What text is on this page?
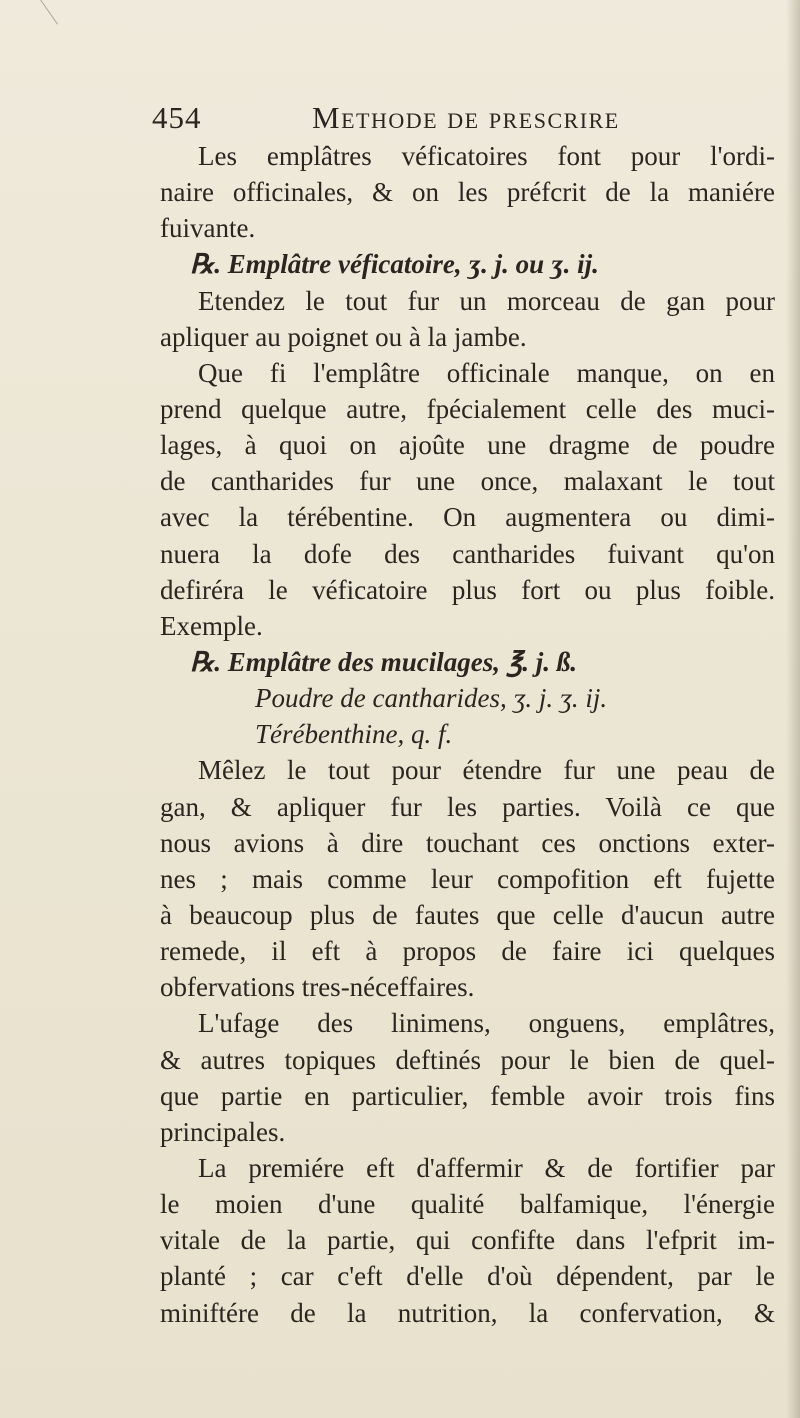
454	Methode de prescrire
Les emplâtres véficatoires font pour l'ordi-
naire officinales, & on les préfcrit de la maniére
fuivante.
℞. Emplâtre véficatoire, ʒ. j. ou ʒ. ij.
Etendez le tout fur un morceau de gan pour
apliquer au poignet ou à la jambe.
Que fi l'emplâtre officinale manque, on en
prend quelque autre, fpécialement celle des muci-
lages, à quoi on ajoûte une dragme de poudre
de cantharides fur une once, malaxant le tout
avec la térébentine. On augmentera ou dimi-
nuera la dofe des cantharides fuivant qu'on
defiréra le véficatoire plus fort ou plus foible.
Exemple.
℞. Emplâtre des mucilages, ℥. j. ß.
Poudre de cantharides, ʒ. j. ʒ. ij.
Térébenthine, q. f.
Mêlez le tout pour étendre fur une peau de
gan, & apliquer fur les parties. Voilà ce que
nous avions à dire touchant ces onctions exter-
nes ; mais comme leur compofition eft fujette
à beaucoup plus de fautes que celle d'aucun autre
remede, il eft à propos de faire ici quelques
obfervations tres-néceffaires.
L'ufage des linimens, onguens, emplâtres,
& autres topiques deftinés pour le bien de quel-
que partie en particulier, femble avoir trois fins
principales.
La premiére eft d'affermir & de fortifier par
le moien d'une qualité balfamique, l'énergie
vitale de la partie, qui confifte dans l'efprit im-
planté ; car c'eft d'elle d'où dépendent, par le
miniftére de la nutrition, la confervation, &
